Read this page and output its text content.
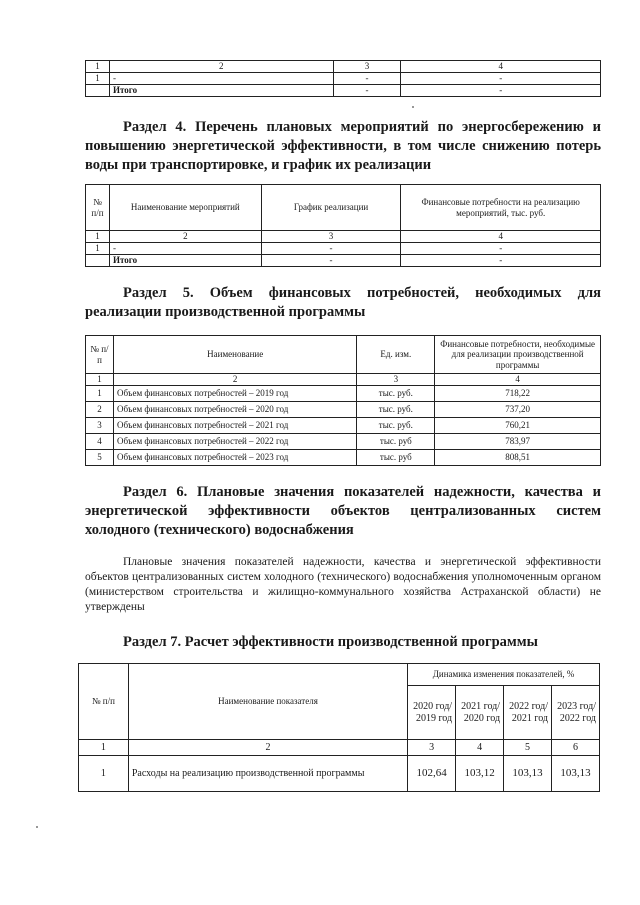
1	2	3	4
1	-	-	-
	Итого	-	-

Раздел 4. Перечень плановых мероприятий по энергосбережению и повышению энергетической эффективности, в том числе снижению потерь воды при транспортировке, и график их реализации

№ п/п	Наименование мероприятий	График реализации	Финансовые потребности на реализацию мероприятий, тыс. руб.
1	2	3	4
1	-	-	-
	Итого	-	-

Раздел 5. Объем финансовых потребностей, необходимых для реализации производственной программы

№ п/п	Наименование	Ед. изм.	Финансовые потребности, необходимые для реализации производственной программы
1	2	3	4
1	Объем финансовых потребностей – 2019 год	тыс. руб.	718,22
2	Объем финансовых потребностей – 2020 год	тыс. руб.	737,20
3	Объем финансовых потребностей – 2021 год	тыс. руб.	760,21
4	Объем финансовых потребностей – 2022 год	тыс. руб	783,97
5	Объем финансовых потребностей – 2023 год	тыс. руб	808,51

Раздел 6. Плановые значения показателей надежности, качества и энергетической эффективности объектов централизованных систем холодного (технического) водоснабжения

Плановые значения показателей надежности, качества и энергетической эффективности объектов централизованных систем холодного (технического) водоснабжения уполномоченным органом (министерством строительства и жилищно-коммунального хозяйства Астраханской области) не утверждены

Раздел 7. Расчет эффективности производственной программы

№ п/п	Наименование показателя	Динамика изменения показателей, %			
		2020 год/ 2019 год	2021 год/ 2020 год	2022 год/ 2021 год	2023 год/ 2022 год
1	2	3	4	5	6
1	Расходы на реализацию производственной программы	102,64	103,12	103,13	103,13
